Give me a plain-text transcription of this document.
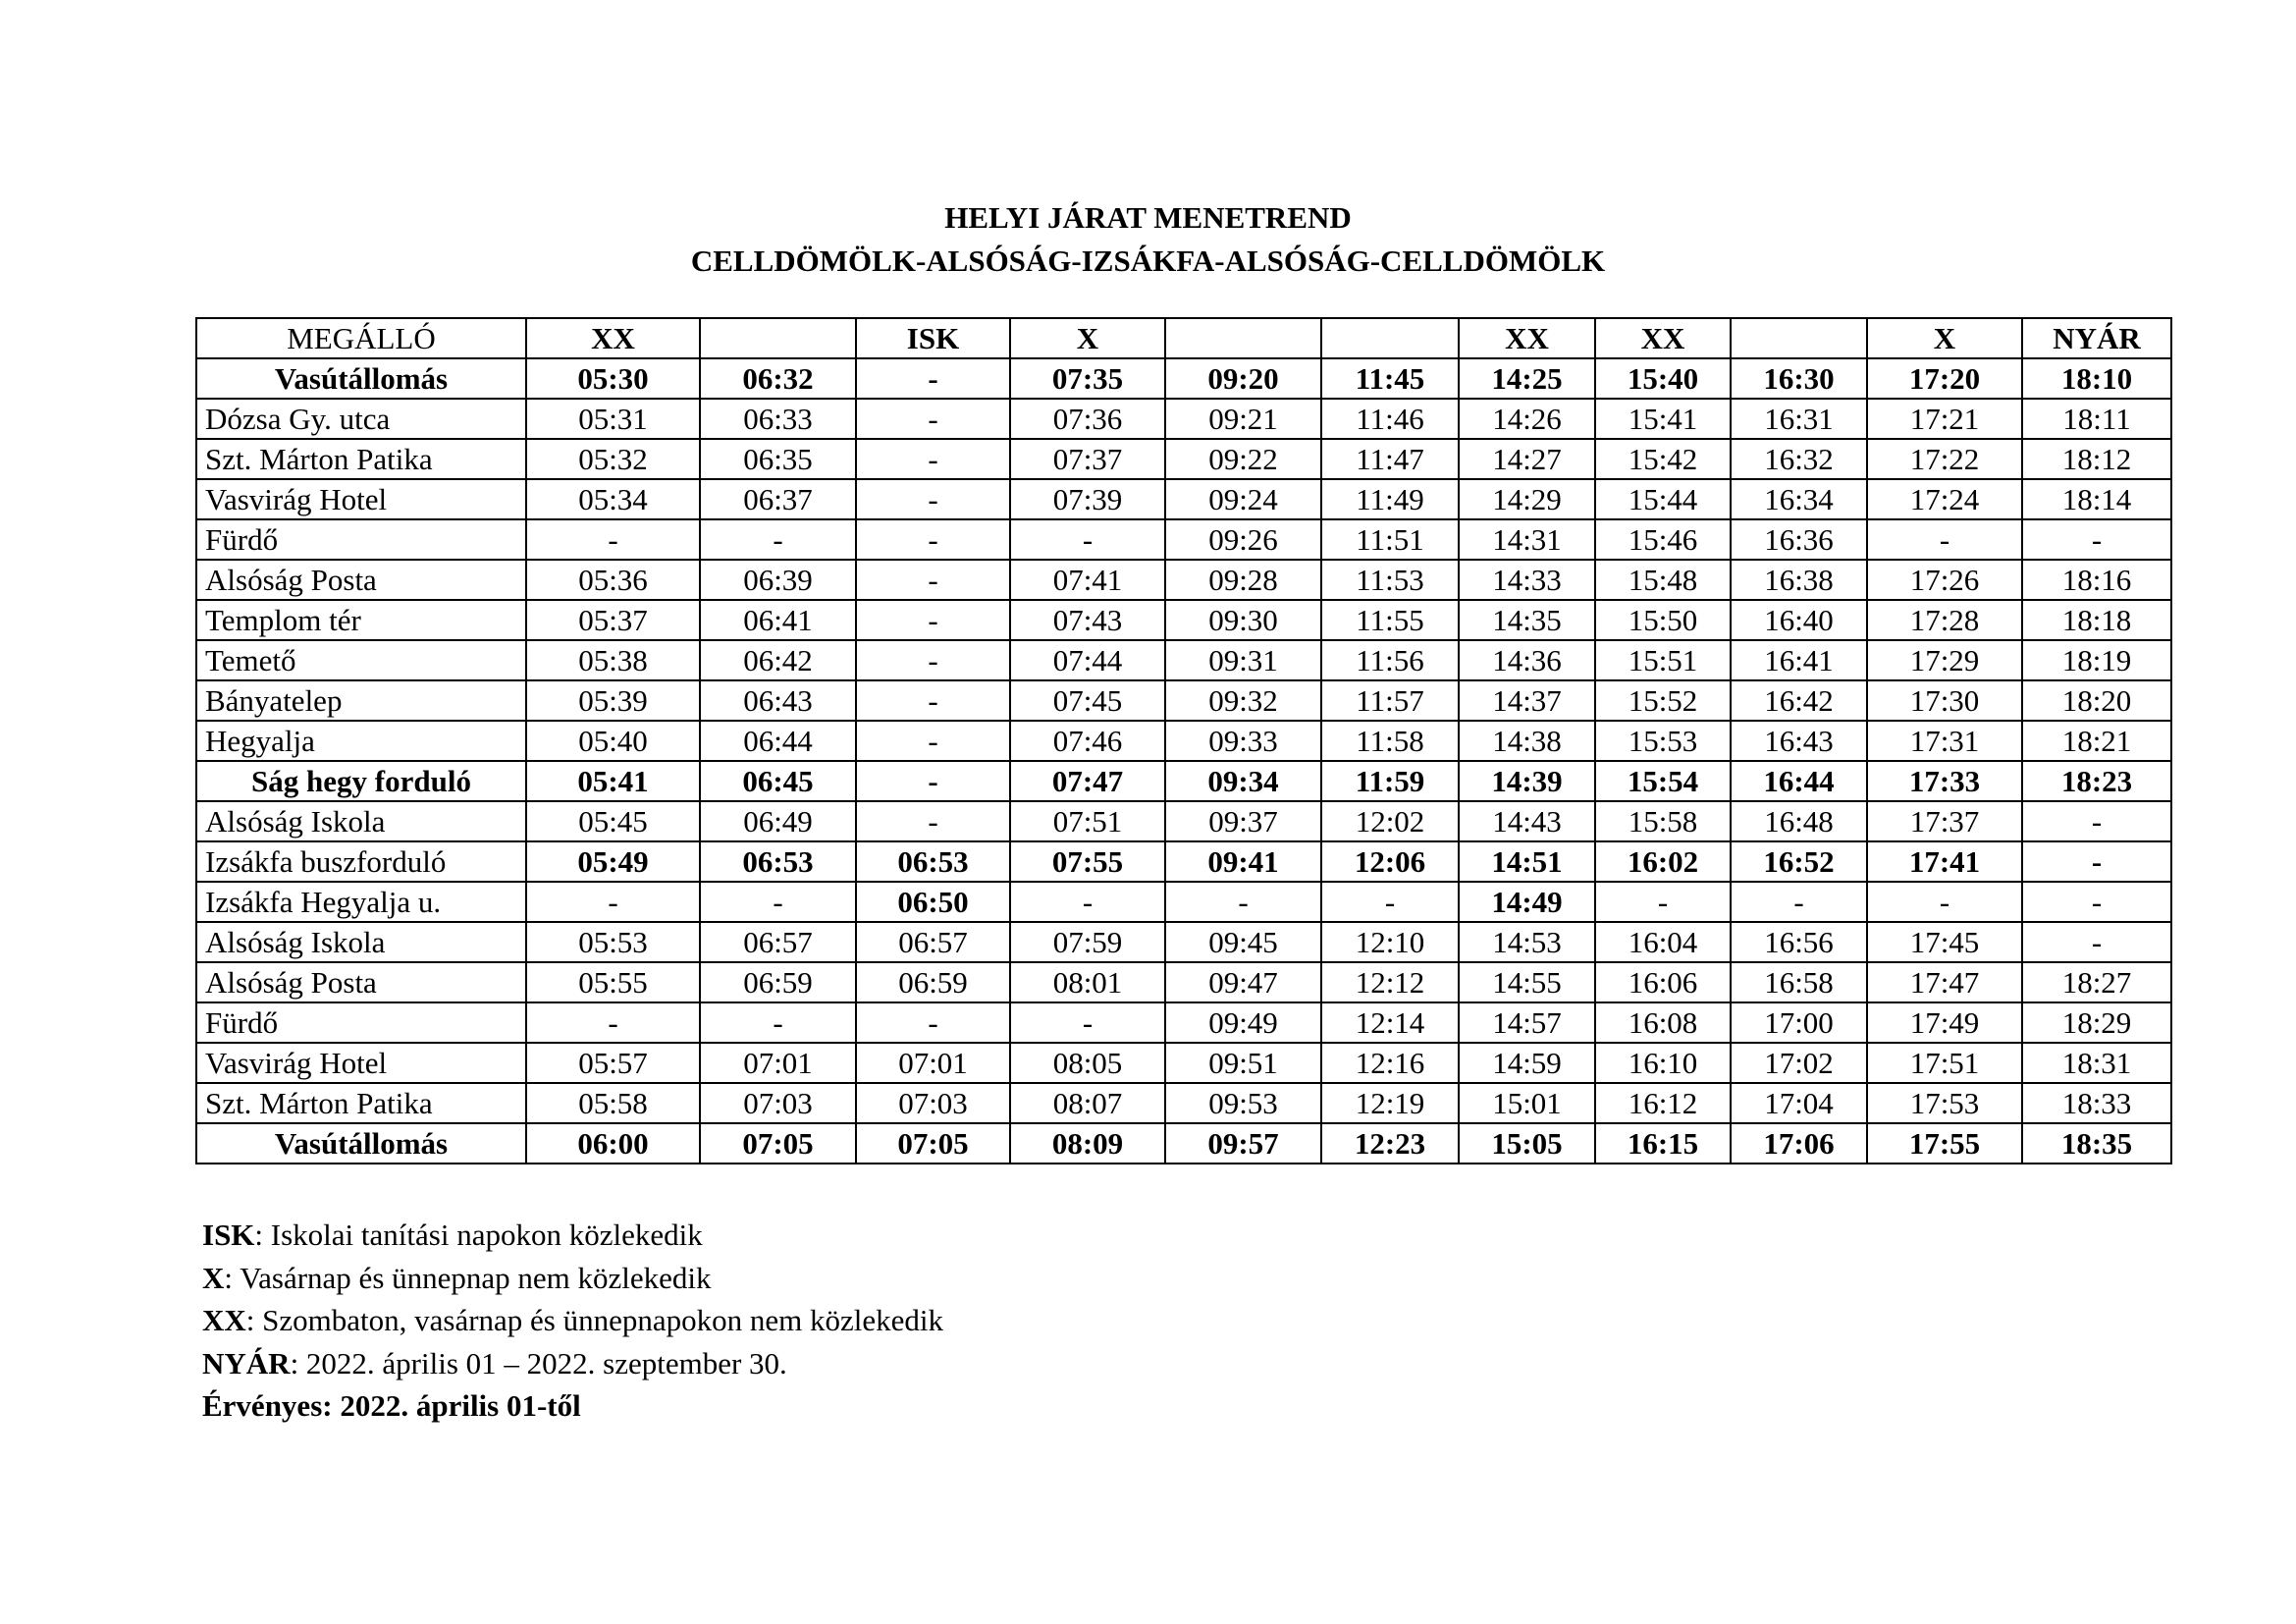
HELYI JÁRAT MENETREND
CELLDÖMÖLK-ALSÓSÁG-IZSÁKFA-ALSÓSÁG-CELLDÖMÖLK
MEGÁLLÓ	XX		ISK	X			XX	XX		X	NYÁR
Vasútállomás	05:30	06:32	-	07:35	09:20	11:45	14:25	15:40	16:30	17:20	18:10
Dózsa Gy. utca	05:31	06:33	-	07:36	09:21	11:46	14:26	15:41	16:31	17:21	18:11
Szt. Márton Patika	05:32	06:35	-	07:37	09:22	11:47	14:27	15:42	16:32	17:22	18:12
Vasvirág Hotel	05:34	06:37	-	07:39	09:24	11:49	14:29	15:44	16:34	17:24	18:14
Fürdő	-	-	-	-	09:26	11:51	14:31	15:46	16:36	-	-
Alsóság Posta	05:36	06:39	-	07:41	09:28	11:53	14:33	15:48	16:38	17:26	18:16
Templom tér	05:37	06:41	-	07:43	09:30	11:55	14:35	15:50	16:40	17:28	18:18
Temető	05:38	06:42	-	07:44	09:31	11:56	14:36	15:51	16:41	17:29	18:19
Bányatelep	05:39	06:43	-	07:45	09:32	11:57	14:37	15:52	16:42	17:30	18:20
Hegyalja	05:40	06:44	-	07:46	09:33	11:58	14:38	15:53	16:43	17:31	18:21
Ság hegy forduló	05:41	06:45	-	07:47	09:34	11:59	14:39	15:54	16:44	17:33	18:23
Alsóság Iskola	05:45	06:49	-	07:51	09:37	12:02	14:43	15:58	16:48	17:37	-
Izsákfa buszforduló	05:49	06:53	06:53	07:55	09:41	12:06	14:51	16:02	16:52	17:41	-
Izsákfa Hegyalja u.	-	-	06:50	-	-	-	14:49	-	-	-	-
Alsóság Iskola	05:53	06:57	06:57	07:59	09:45	12:10	14:53	16:04	16:56	17:45	-
Alsóság Posta	05:55	06:59	06:59	08:01	09:47	12:12	14:55	16:06	16:58	17:47	18:27
Fürdő	-	-	-	-	09:49	12:14	14:57	16:08	17:00	17:49	18:29
Vasvirág Hotel	05:57	07:01	07:01	08:05	09:51	12:16	14:59	16:10	17:02	17:51	18:31
Szt. Márton Patika	05:58	07:03	07:03	08:07	09:53	12:19	15:01	16:12	17:04	17:53	18:33
Vasútállomás	06:00	07:05	07:05	08:09	09:57	12:23	15:05	16:15	17:06	17:55	18:35
ISK: Iskolai tanítási napokon közlekedik
X: Vasárnap és ünnepnap nem közlekedik
XX: Szombaton, vasárnap és ünnepnapokon nem közlekedik
NYÁR: 2022. április 01 – 2022. szeptember 30.
Érvényes: 2022. április 01-től
